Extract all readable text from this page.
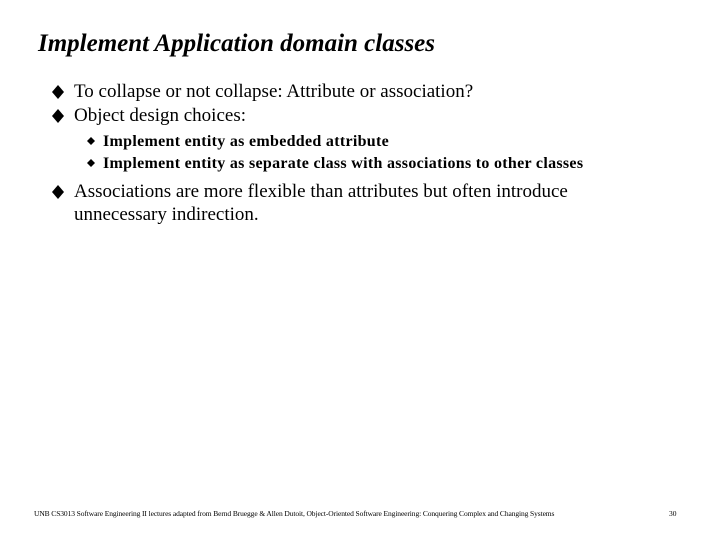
Implement Application domain classes
To collapse or not collapse: Attribute or association?
Object design choices:
Implement entity as embedded attribute
Implement entity as separate class with associations to other classes
Associations are more flexible than attributes but often introduce unnecessary indirection.
UNB CS3013 Software Engineering II lectures adapted from Bernd Bruegge & Allen Dutoit, Object-Oriented Software Engineering: Conquering Complex and Changing Systems	30
